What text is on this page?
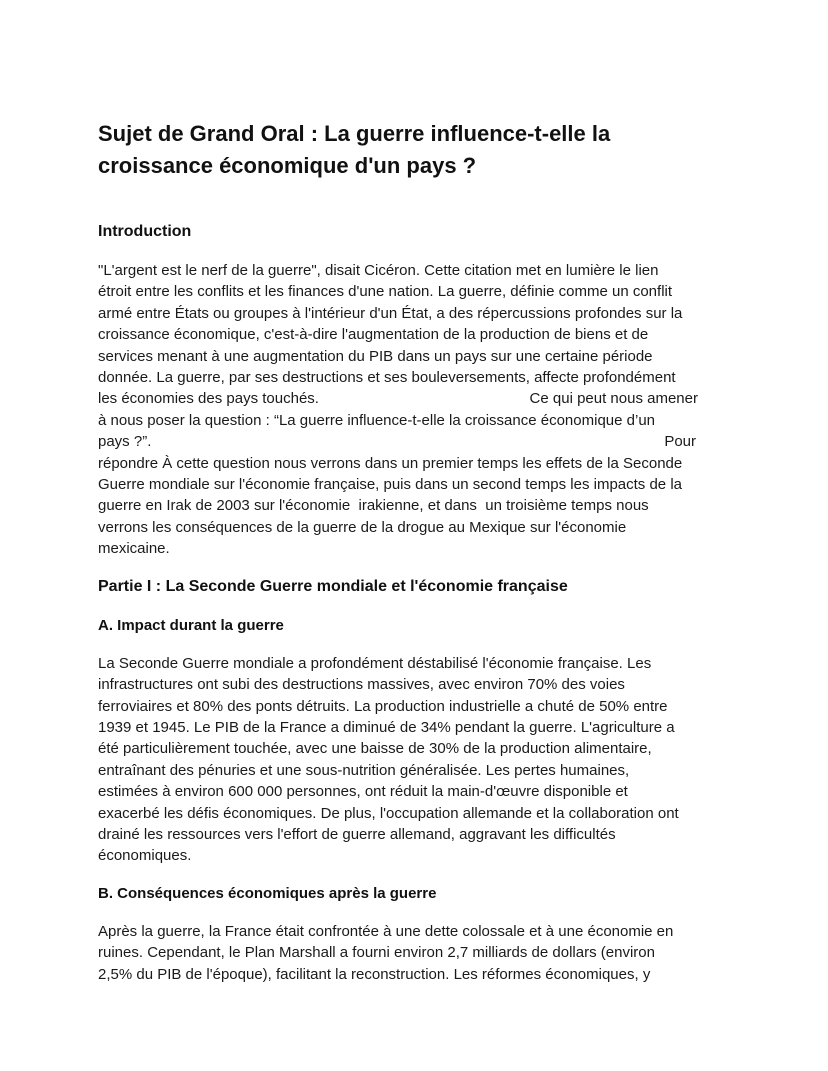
Sujet de Grand Oral : La guerre influence-t-elle la
croissance économique d'un pays ?
Introduction

"L'argent est le nerf de la guerre", disait Cicéron. Cette citation met en lumière le lien
étroit entre les conflits et les finances d'une nation. La guerre, définie comme un conflit
armé entre États ou groupes à l'intérieur d'un État, a des répercussions profondes sur la
croissance économique, c'est-à-dire l'augmentation de la production de biens et de
services menant à une augmentation du PIB dans un pays sur une certaine période
donnée. La guerre, par ses destructions et ses bouleversements, affecte profondément
les économies des pays touchés.	Ce qui peut nous amener
à nous poser la question : “La guerre influence-t-elle la croissance économique d’un
pays ?”.	Pour
répondre À cette question nous verrons dans un premier temps les effets de la Seconde
Guerre mondiale sur l'économie française, puis dans un second temps les impacts de la
guerre en Irak de 2003 sur l'économie  irakienne, et dans  un troisième temps nous
verrons les conséquences de la guerre de la drogue au Mexique sur l'économie
mexicaine.

Partie I : La Seconde Guerre mondiale et l'économie française
A. Impact durant la guerre

La Seconde Guerre mondiale a profondément déstabilisé l'économie française. Les
infrastructures ont subi des destructions massives, avec environ 70% des voies
ferroviaires et 80% des ponts détruits. La production industrielle a chuté de 50% entre
1939 et 1945. Le PIB de la France a diminué de 34% pendant la guerre. L'agriculture a
été particulièrement touchée, avec une baisse de 30% de la production alimentaire,
entraînant des pénuries et une sous-nutrition généralisée. Les pertes humaines,
estimées à environ 600 000 personnes, ont réduit la main-d'œuvre disponible et
exacerbé les défis économiques. De plus, l'occupation allemande et la collaboration ont
drainé les ressources vers l'effort de guerre allemand, aggravant les difficultés
économiques.

B. Conséquences économiques après la guerre

Après la guerre, la France était confrontée à une dette colossale et à une économie en
ruines. Cependant, le Plan Marshall a fourni environ 2,7 milliards de dollars (environ
2,5% du PIB de l'époque), facilitant la reconstruction. Les réformes économiques, y
